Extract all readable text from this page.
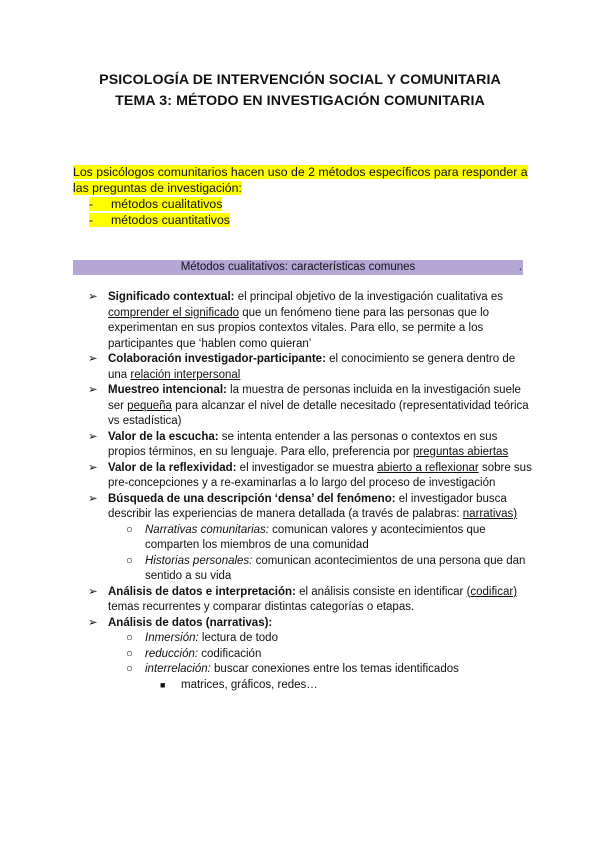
PSICOLOGÍA DE INTERVENCIÓN SOCIAL Y COMUNITARIA
TEMA 3: MÉTODO EN INVESTIGACIÓN COMUNITARIA
Los psicólogos comunitarios hacen uso de 2 métodos específicos para responder a las preguntas de investigación:
- métodos cualitativos
- métodos cuantitativos
Métodos cualitativos: características comunes	.
➢ Significado contextual: el principal objetivo de la investigación cualitativa es comprender el significado que un fenómeno tiene para las personas que lo experimentan en sus propios contextos vitales. Para ello, se permite a los participantes que ‘hablen como quieran’
➢ Colaboración investigador-participante: el conocimiento se genera dentro de una relación interpersonal
➢ Muestreo intencional: la muestra de personas incluida en la investigación suele ser pequeña para alcanzar el nivel de detalle necesitado (representatividad teórica vs estadística)
➢ Valor de la escucha: se intenta entender a las personas o contextos en sus propios términos, en su lenguaje. Para ello, preferencia por preguntas abiertas
➢ Valor de la reflexividad: el investigador se muestra abierto a reflexionar sobre sus pre-concepciones y a re-examinarlas a lo largo del proceso de investigación
➢ Búsqueda de una descripción ‘densa’ del fenómeno: el investigador busca describir las experiencias de manera detallada (a través de palabras: narrativas)
○ Narrativas comunitarias: comunican valores y acontecimientos que comparten los miembros de una comunidad
○ Historias personales: comunican acontecimientos de una persona que dan sentido a su vida
➢ Análisis de datos e interpretación: el análisis consiste en identificar (codificar) temas recurrentes y comparar distintas categorías o etapas.
➢ Análisis de datos (narrativas):
○ Inmersión: lectura de todo
○ reducción: codificación
○ interrelación: buscar conexiones entre los temas identificados
■ matrices, gráficos, redes…
